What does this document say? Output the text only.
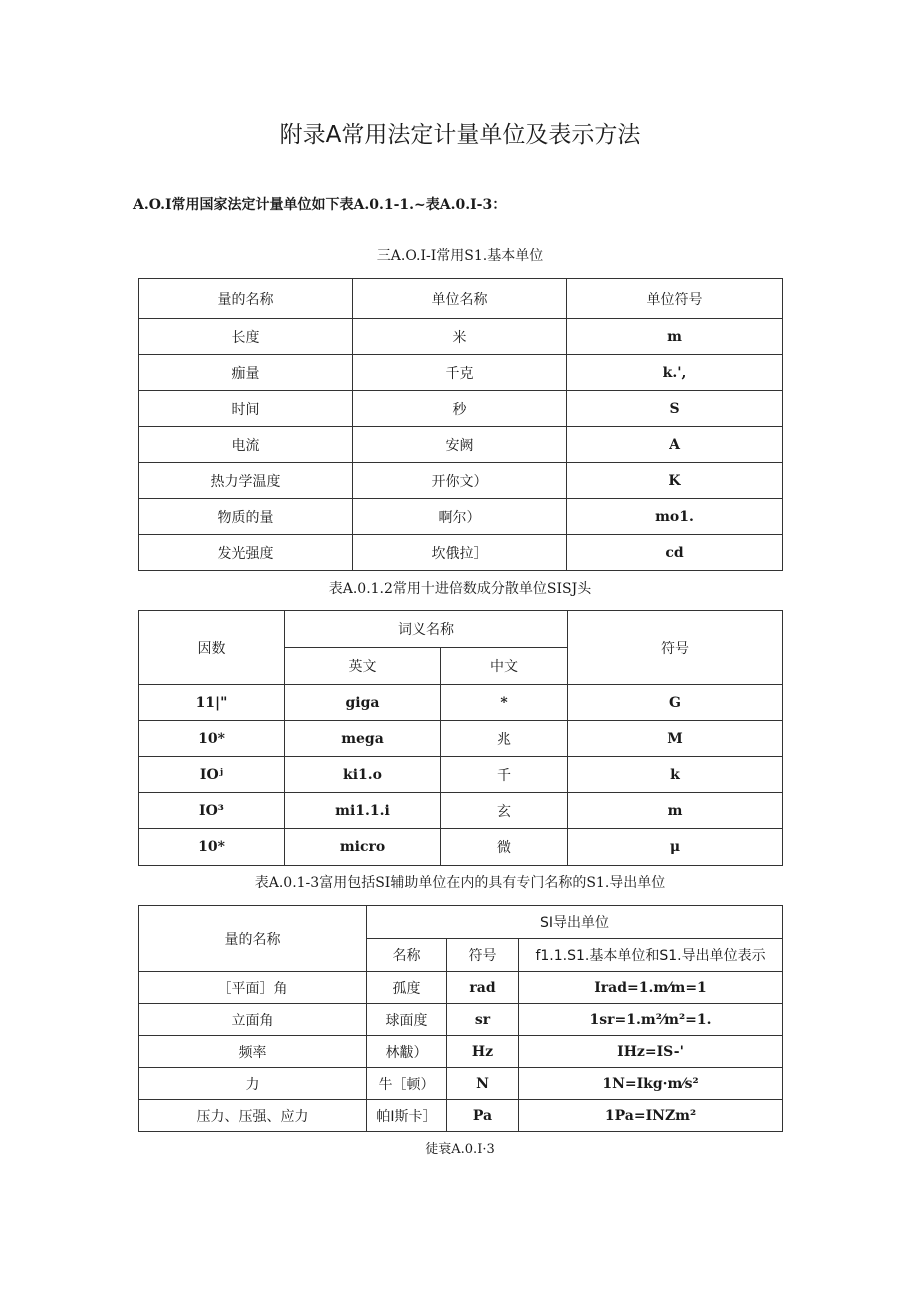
附录A常用法定计量单位及表示方法
A.O.I常用国家法定计量单位如下表A.0.1-1.~表A.0.I-3：
三A.O.I-I常用S1.基本单位
量的名称	单位名称	单位符号
长度	米	m
痂量	千克	k.',
时间	秒	S
电流	安阙	A
热力学温度	开你文）	K
物质的量	啊尔）	mo1.
发光强度	坎俄拉］	cd
表A.0.1.2常用十进倍数成分散单位SISJ头
因数	词义名称		符号
	英文	中文	
11|"	giga	*	G
10*	mega	兆	M
IOʲ	ki1.o	千	k
IO³	mi1.1.i	玄	m
10*	micro	微	μ
表A.0.1-3富用包括SI辅助单位在内的具有专门名称的S1.导出单位
量的名称	SI导出单位		
	名称	符号	f1.1.S1.基本单位和S1.导出单位表示
［平面］角	孤度	rad	Irad=1.m⁄m=1
立面角	球面度	sr	1sr=1.m²⁄m²=1.
频率	林黻）	Hz	IHz=IS-'
力	牛［顿）	N	1N=Ikg·m⁄s²
压力、压强、应力	帕I斯卡］	Pa	1Pa=INZm²
徒衰A.0.I·3
